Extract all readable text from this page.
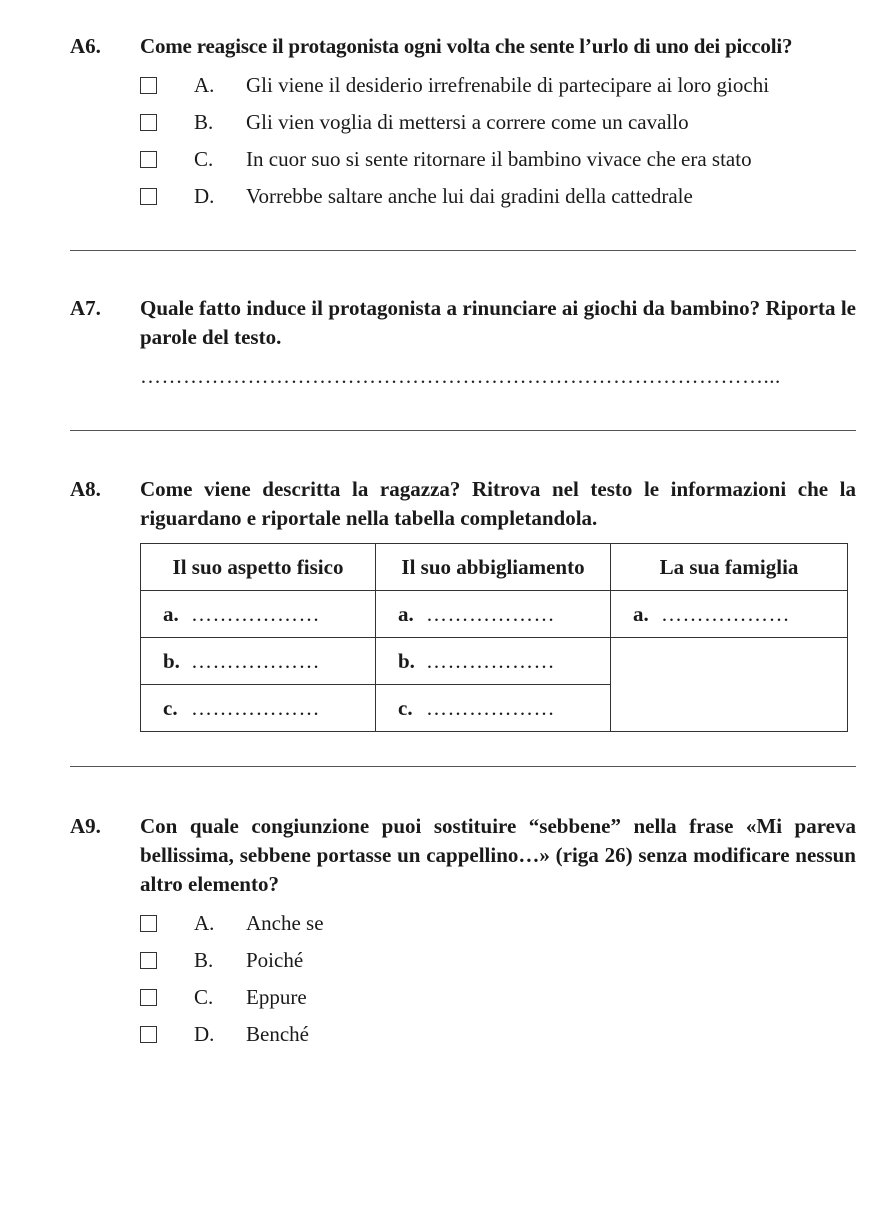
A6.	Come reagisce il protagonista ogni volta che sente l’urlo di uno dei piccoli?
A.	Gli viene il desiderio irrefrenabile di partecipare ai loro giochi
B.	Gli vien voglia di mettersi a correre come un cavallo
C.	In cuor suo si sente ritornare il bambino vivace che era stato
D.	Vorrebbe saltare anche lui dai gradini della cattedrale
A7.	Quale fatto induce il protagonista a rinunciare ai giochi da bambino? Riporta le parole del testo.
……………………………………………………………………………...
A8.	Come viene descritta la ragazza? Ritrova nel testo le informazioni che la riguardano e riportale nella tabella completandola.
Il suo aspetto fisico	Il suo abbigliamento	La sua famiglia
a. ………………	a. ………………	a. ………………
b. ………………	b. ………………	
c. ………………	c. ………………	
A9.	Con quale congiunzione puoi sostituire “sebbene” nella frase «Mi pareva bellissima, sebbene portasse un cappellino…» (riga 26) senza modificare nessun altro elemento?
A.	Anche se
B.	Poiché
C.	Eppure
D.	Benché
